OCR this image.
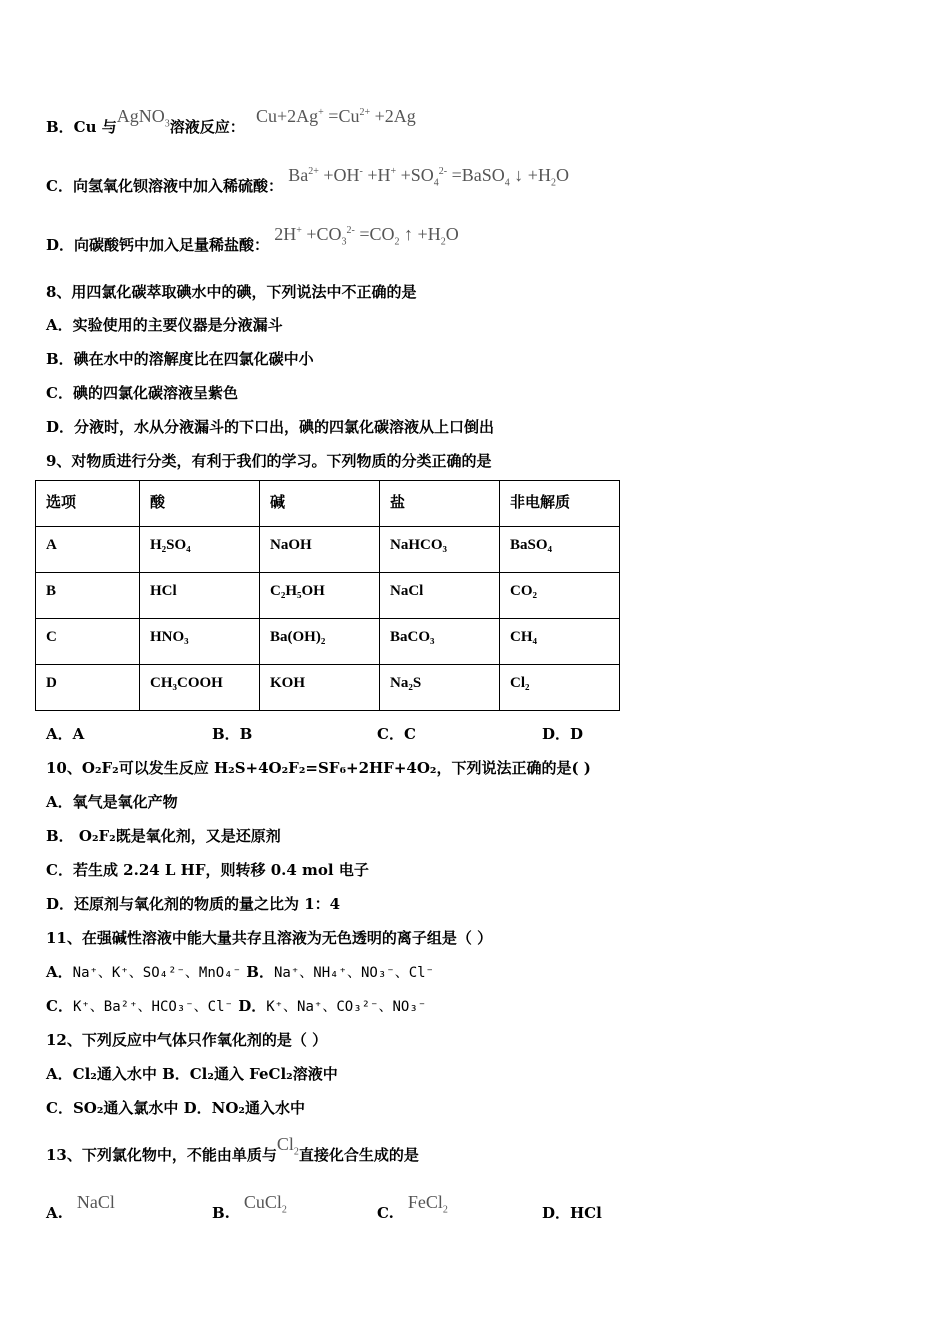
B．Cu 与AgNO$_3$溶液反应： $Cu+2Ag^+ =Cu^{2+} +2Ag$
C．向氢氧化钡溶液中加入稀硫酸： $Ba^{2+} +OH^- +H^+ +SO_4^{2-}$ =BaSO$_4$ ↓ $+H_2O$
D．向碳酸钙中加入足量稀盐酸： $2H^+ +CO_3^{2-} =CO_2$ ↑ $+H_2O$
8、用四氯化碳萃取碘水中的碘，下列说法中不正确的是
A．实验使用的主要仪器是分液漏斗
B．碘在水中的溶解度比在四氯化碳中小
C．碘的四氯化碳溶液呈紫色
D．分液时，水从分液漏斗的下口出，碘的四氯化碳溶液从上口倒出
9、对物质进行分类，有利于我们的学习。下列物质的分类正确的是
选项	酸	碱	盐	非电解质
A	H₂SO₄	NaOH	NaHCO₃	BaSO₄
B	HCl	C₂H₅OH	NaCl	CO₂
C	HNO₃	Ba(OH)₂	BaCO₃	CH₄
D	CH₃COOH	KOH	Na₂S	Cl₂
A．A	B．B	C．C	D．D
10、O₂F₂可以发生反应 H₂S+4O₂F₂=SF₆+2HF+4O₂，下列说法正确的是( )
A．氧气是氧化产物
B． O₂F₂既是氧化剂，又是还原剂
C．若生成 2.24 L HF，则转移 0.4 mol 电子
D．还原剂与氧化剂的物质的量之比为 1：4
11、在强碱性溶液中能大量共存且溶液为无色透明的离子组是（ ）
A．Na⁺、K⁺、SO₄²⁻、MnO₄⁻ B．Na⁺、NH₄⁺、NO₃⁻、Cl⁻
C．K⁺、Ba²⁺、HCO₃⁻、Cl⁻ D．K⁺、Na⁺、CO₃²⁻、NO₃⁻
12、下列反应中气体只作氧化剂的是（ ）
A．Cl₂通入水中 B．Cl₂通入 FeCl₂溶液中
C．SO₂通入氯水中 D．NO₂通入水中
13、下列氯化物中，不能由单质与$Cl_2$直接化合生成的是
A.NaCl
B.CuCl$_2$	C.FeCl$_2$	D．HCl
